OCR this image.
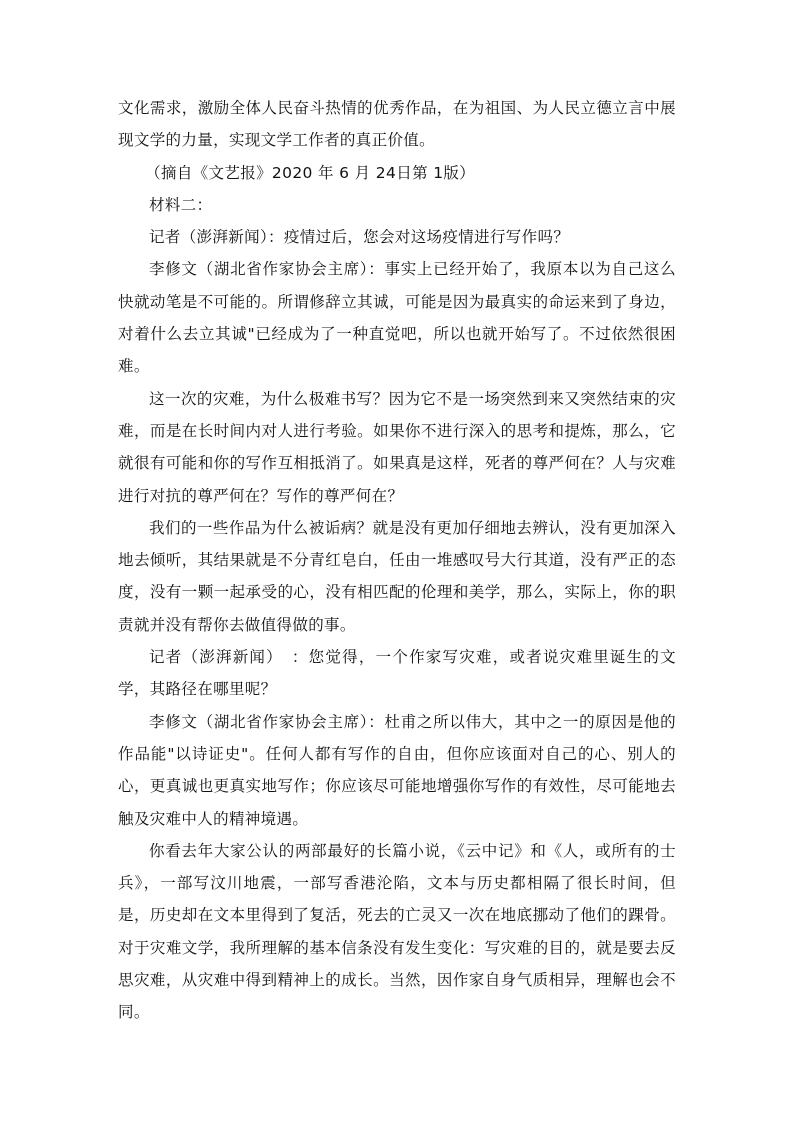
文化需求，激励全体人民奋斗热情的优秀作品，在为祖国、为人民立德立言中展现文学的力量，实现文学工作者的真正价值。

（摘自《文艺报》2020 年 6 月 24日第 1版）

材料二：

记者（澎湃新闻）：疫情过后，您会对这场疫情进行写作吗？

李修文（湖北省作家协会主席）：事实上已经开始了，我原本以为自己这么快就动笔是不可能的。所谓修辞立其诚，可能是因为最真实的命运来到了身边，对着什么去立其诚"已经成为了一种直觉吧，所以也就开始写了。不过依然很困难。

这一次的灾难，为什么极难书写？因为它不是一场突然到来又突然结束的灾难，而是在长时间内对人进行考验。如果你不进行深入的思考和提炼，那么，它就很有可能和你的写作互相抵消了。如果真是这样，死者的尊严何在？人与灾难进行对抗的尊严何在？写作的尊严何在？

我们的一些作品为什么被诟病？就是没有更加仔细地去辨认，没有更加深入地去倾听，其结果就是不分青红皂白，任由一堆感叹号大行其道，没有严正的态度，没有一颗一起承受的心，没有相匹配的伦理和美学，那么，实际上，你的职责就并没有帮你去做值得做的事。

记者（澎湃新闻）　：您觉得，一个作家写灾难，或者说灾难里诞生的文学，其路径在哪里呢？

李修文（湖北省作家协会主席）：杜甫之所以伟大，其中之一的原因是他的作品能"以诗证史"。任何人都有写作的自由，但你应该面对自己的心、别人的心，更真诚也更真实地写作；你应该尽可能地增强你写作的有效性，尽可能地去触及灾难中人的精神境遇。

你看去年大家公认的两部最好的长篇小说，《云中记》和《人，或所有的士兵》，一部写汶川地震，一部写香港沦陷，文本与历史都相隔了很长时间，但是，历史却在文本里得到了复活，死去的亡灵又一次在地底挪动了他们的踝骨。对于灾难文学，我所理解的基本信条没有发生变化：写灾难的目的，就是要去反思灾难，从灾难中得到精神上的成长。当然，因作家自身气质相异，理解也会不同。
